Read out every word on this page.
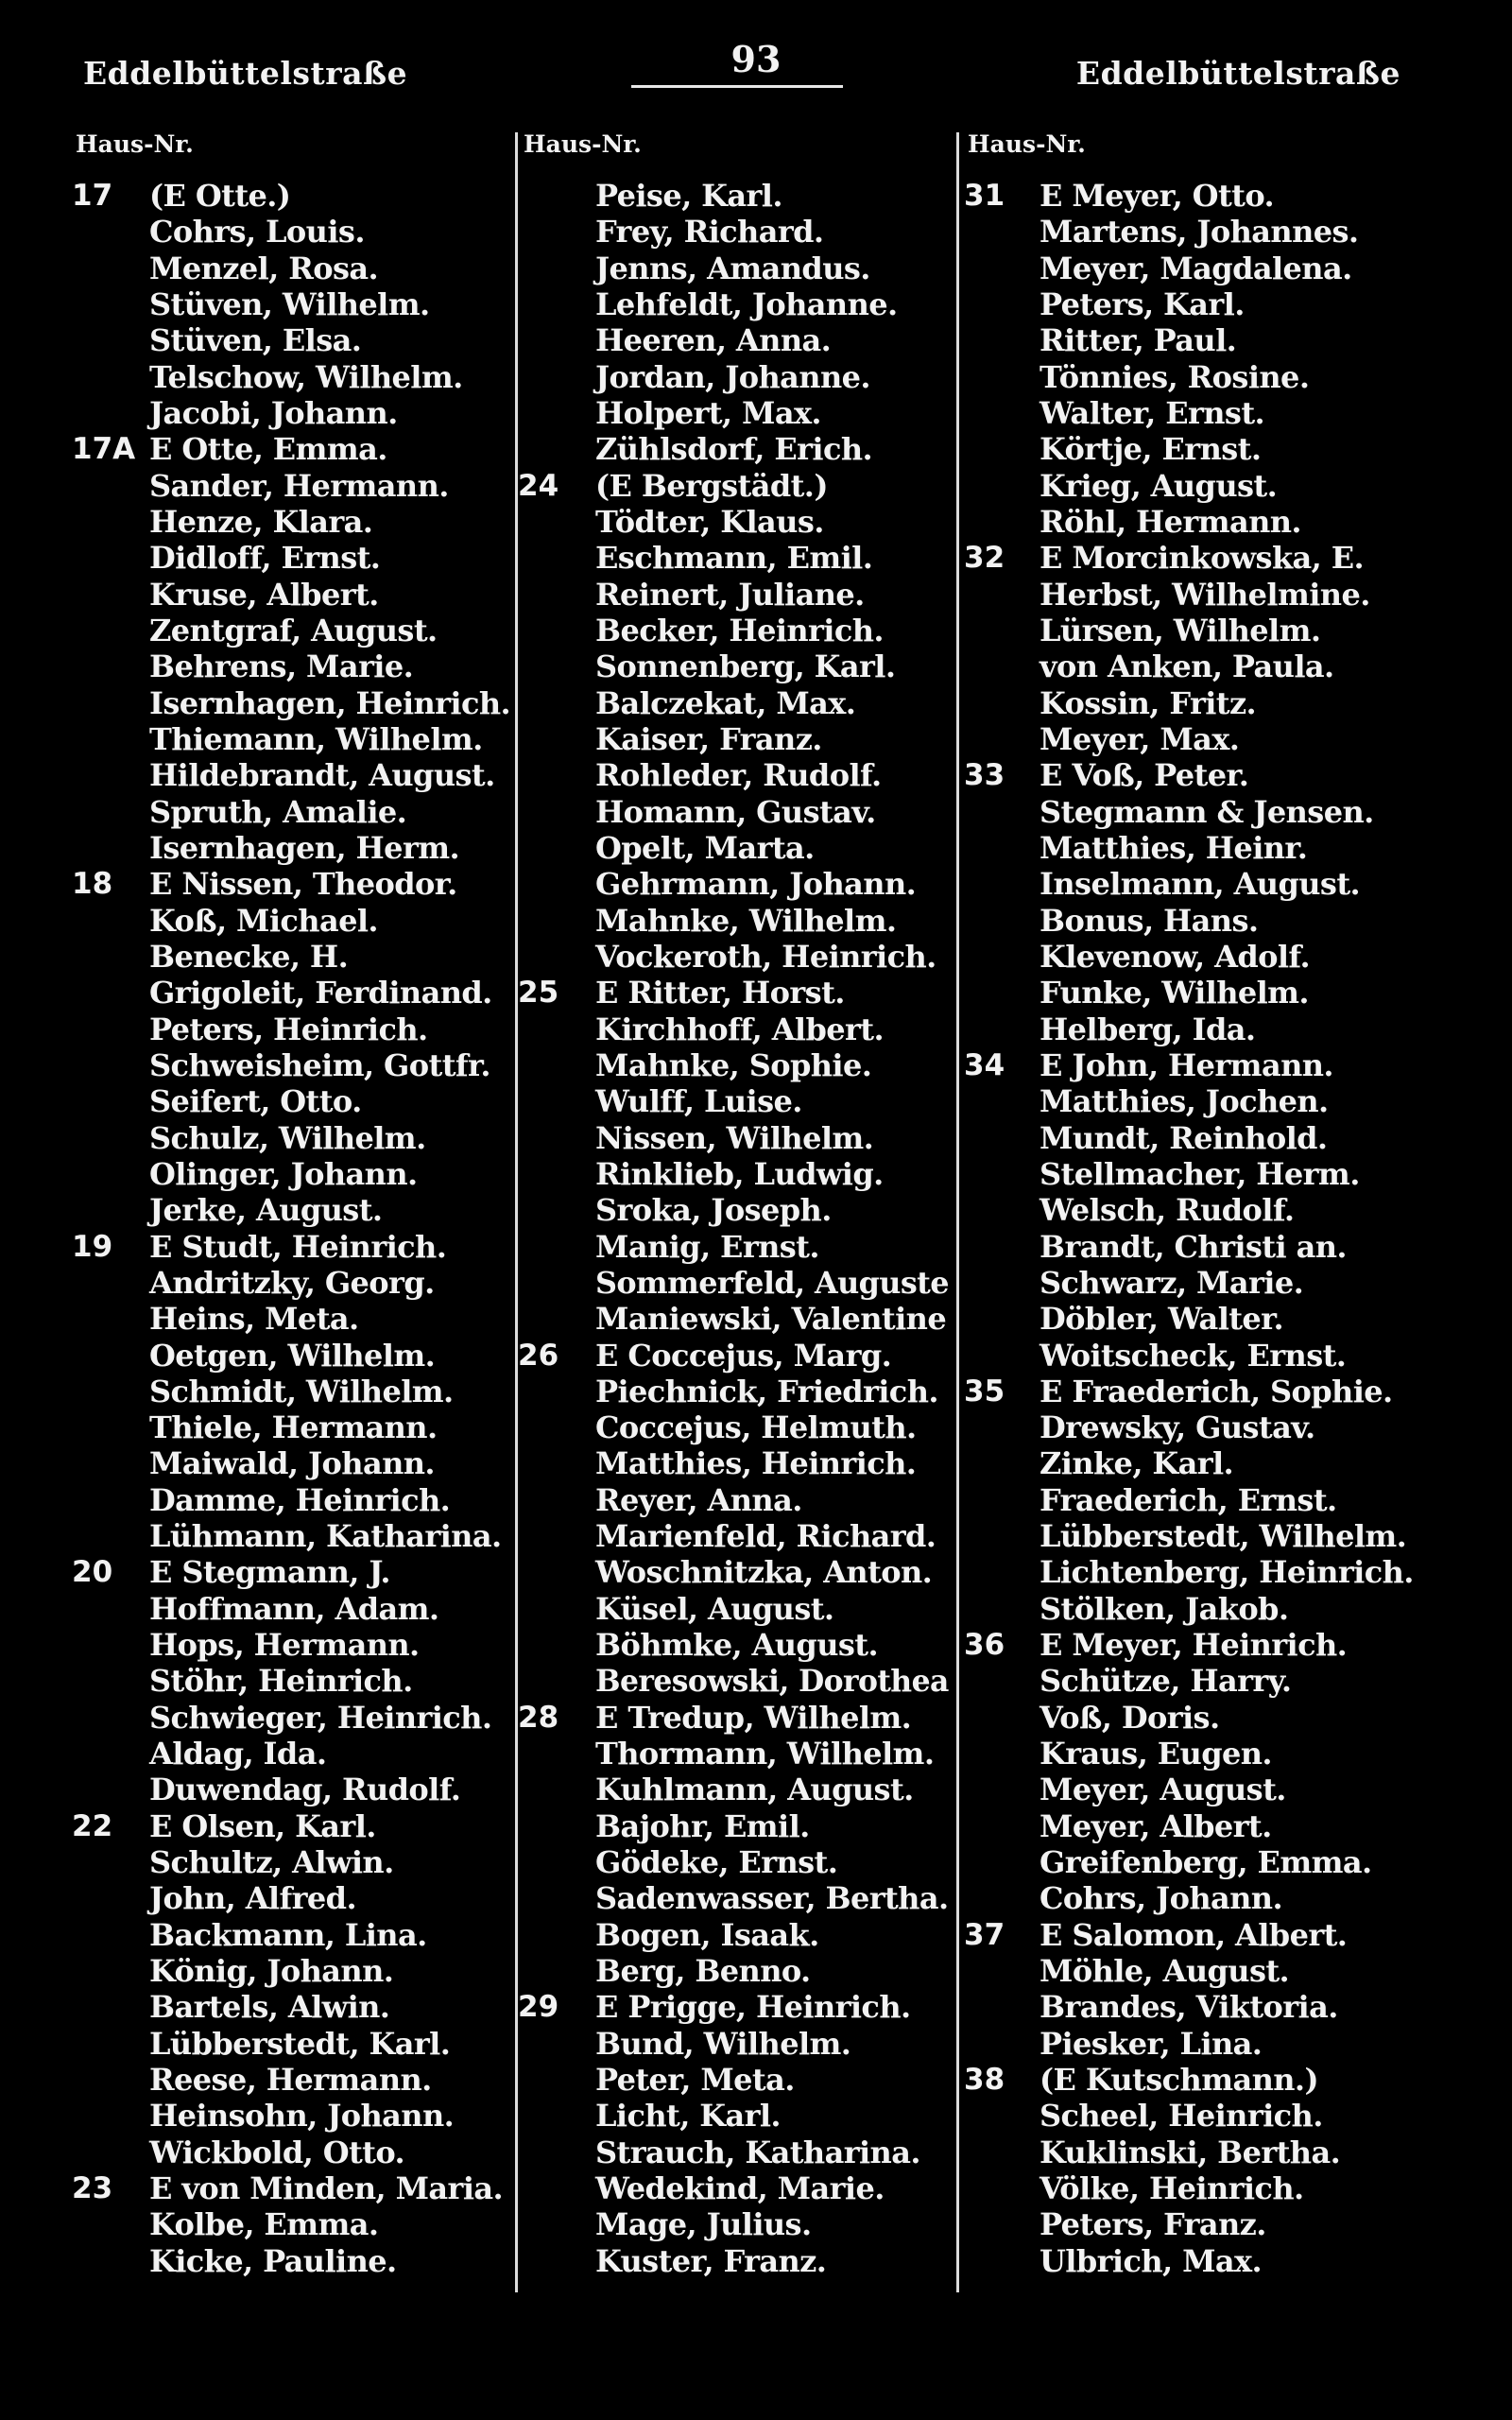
Eddelbüttelstraße	93	Eddelbüttelstraße
Haus-Nr.	Haus-Nr.	Haus-Nr.
17 (E Otte.)
Cohrs, Louis.
Menzel, Rosa.
Stüven, Wilhelm.
Stüven, Elsa.
Telschow, Wilhelm.
Jacobi, Johann.
17A E Otte, Emma.
Sander, Hermann.
Henze, Klara.
Didloff, Ernst.
Kruse, Albert.
Zentgraf, August.
Behrens, Marie.
Isernhagen, Heinrich.
Thiemann, Wilhelm.
Hildebrandt, August.
Spruth, Amalie.
Isernhagen, Herm.
18 E Nissen, Theodor.
Koß, Michael.
Benecke, H.
Grigoleit, Ferdinand.
Peters, Heinrich.
Schweisheim, Gottfr.
Seifert, Otto.
Schulz, Wilhelm.
Olinger, Johann.
Jerke, August.
19 E Studt, Heinrich.
Andritzky, Georg.
Heins, Meta.
Oetgen, Wilhelm.
Schmidt, Wilhelm.
Thiele, Hermann.
Maiwald, Johann.
Damme, Heinrich.
Lühmann, Katharina.
20 E Stegmann, J.
Hoffmann, Adam.
Hops, Hermann.
Stöhr, Heinrich.
Schwieger, Heinrich.
Aldag, Ida.
Duwendag, Rudolf.
22 E Olsen, Karl.
Schultz, Alwin.
John, Alfred.
Backmann, Lina.
König, Johann.
Bartels, Alwin.
Lübberstedt, Karl.
Reese, Hermann.
Heinsohn, Johann.
Wickbold, Otto.
23 E von Minden, Maria.
Kolbe, Emma.
Kicke, Pauline.
Peise, Karl.
Frey, Richard.
Jenns, Amandus.
Lehfeldt, Johanne.
Heeren, Anna.
Jordan, Johanne.
Holpert, Max.
Zühlsdorf, Erich.
24 (E Bergstädt.)
Tödter, Klaus.
Eschmann, Emil.
Reinert, Juliane.
Becker, Heinrich.
Sonnenberg, Karl.
Balczekat, Max.
Kaiser, Franz.
Rohleder, Rudolf.
Homann, Gustav.
Opelt, Marta.
Gehrmann, Johann.
Mahnke, Wilhelm.
Vockeroth, Heinrich.
25 E Ritter, Horst.
Kirchhoff, Albert.
Mahnke, Sophie.
Wulff, Luise.
Nissen, Wilhelm.
Rinklieb, Ludwig.
Sroka, Joseph.
Manig, Ernst.
Sommerfeld, Auguste
Maniewski, Valentine
26 E Coccejus, Marg.
Piechnick, Friedrich.
Coccejus, Helmuth.
Matthies, Heinrich.
Reyer, Anna.
Marienfeld, Richard.
Woschnitzka, Anton.
Küsel, August.
Böhmke, August.
Beresowski, Dorothea
28 E Tredup, Wilhelm.
Thormann, Wilhelm.
Kuhlmann, August.
Bajohr, Emil.
Gödeke, Ernst.
Sadenwasser, Bertha.
Bogen, Isaak.
Berg, Benno.
29 E Prigge, Heinrich.
Bund, Wilhelm.
Peter, Meta.
Licht, Karl.
Strauch, Katharina.
Wedekind, Marie.
Mage, Julius.
Kuster, Franz.
31 E Meyer, Otto.
Martens, Johannes.
Meyer, Magdalena.
Peters, Karl.
Ritter, Paul.
Tönnies, Rosine.
Walter, Ernst.
Körtje, Ernst.
Krieg, August.
Röhl, Hermann.
32 E Morcinkowska, E.
Herbst, Wilhelmine.
Lürsen, Wilhelm.
von Anken, Paula.
Kossin, Fritz.
Meyer, Max.
33 E Voß, Peter.
Stegmann & Jensen.
Matthies, Heinr.
Inselmann, August.
Bonus, Hans.
Klevenow, Adolf.
Funke, Wilhelm.
Helberg, Ida.
34 E John, Hermann.
Matthies, Jochen.
Mundt, Reinhold.
Stellmacher, Herm.
Welsch, Rudolf.
Brandt, Christi an.
Schwarz, Marie.
Döbler, Walter.
Woitscheck, Ernst.
35 E Fraederich, Sophie.
Drewsky, Gustav.
Zinke, Karl.
Fraederich, Ernst.
Lübberstedt, Wilhelm.
Lichtenberg, Heinrich.
Stölken, Jakob.
36 E Meyer, Heinrich.
Schütze, Harry.
Voß, Doris.
Kraus, Eugen.
Meyer, August.
Meyer, Albert.
Greifenberg, Emma.
Cohrs, Johann.
37 E Salomon, Albert.
Möhle, August.
Brandes, Viktoria.
Piesker, Lina.
38 (E Kutschmann.)
Scheel, Heinrich.
Kuklinski, Bertha.
Völke, Heinrich.
Peters, Franz.
Ulbrich, Max.
